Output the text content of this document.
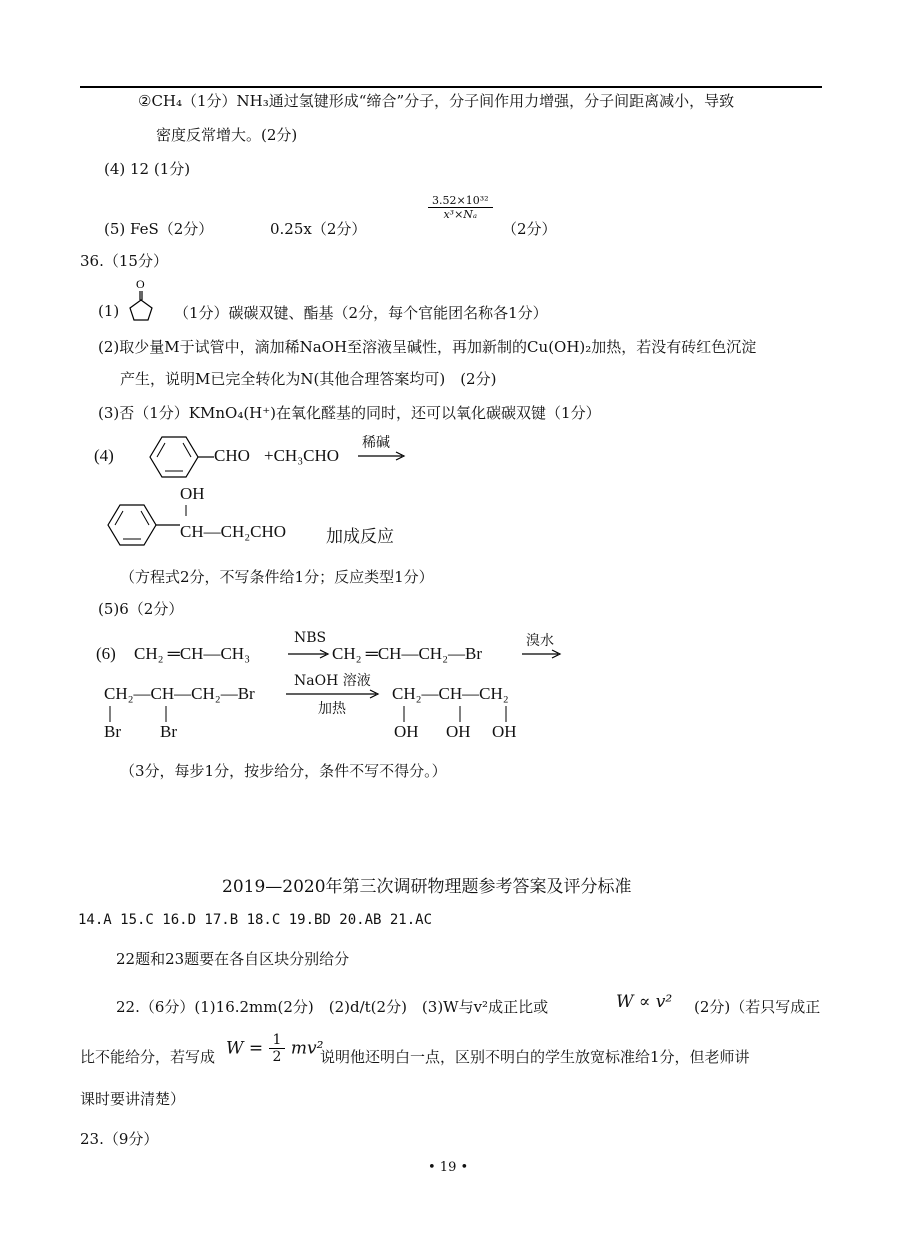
②CH₄（1分）NH₃通过氢键形成“缔合”分子，分子间作用力增强，分子间距离减小，导致
密度反常增大。(2分)
(4) 12 (1分)
(5) FeS（2分）	0.25x（2分）
$\frac{\text{3.52×10³²}}{\text{x³×Nₐ}}$
（2分）
36.（15分）
(1)
O
（1分）碳碳双键、酯基（2分，每个官能团名称各1分）
(2)取少量M于试管中，滴加稀NaOH至溶液呈碱性，再加新制的Cu(OH)₂加热，若没有砖红色沉淀
产生，说明M已完全转化为N(其他合理答案均可)　(2分)
(3)否（1分）KMnO₄(H⁺)在氧化醛基的同时，还可以氧化碳碳双键（1分）
(4)	CHO +CH₃CHO
稀碱
OH
CH—CH₂CHO 加成反应
（方程式2分，不写条件给1分；反应类型1分）
(5)6（2分）
(6) CH₂ ═CH—CH₃
NBS
→ CH₂ ═CH—CH₂—Br
溴水
CH₂—CH—CH₂—Br
Br Br
NaOH 溶液
加热
CH₂—CH—CH₂
OH OH OH
（3分，每步1分，按步给分，条件不写不得分。）
2019—2020年第三次调研物理题参考答案及评分标准
14.A 15.C 16.D 17.B 18.C 19.BD 20.AB 21.AC
22题和23题要在各自区块分别给分
22.（6分）(1)16.2mm(2分)　(2)d/t(2分)　(3)W与v²成正比或	W ∝ v² (2分)（若只写成正
比不能给分，若写成 $W = \frac{1}{2} mv^2$
说明他还明白一点，区别不明白的学生放宽标准给1分，但老师讲
课时要讲清楚）
23.（9分）
• 19 •
